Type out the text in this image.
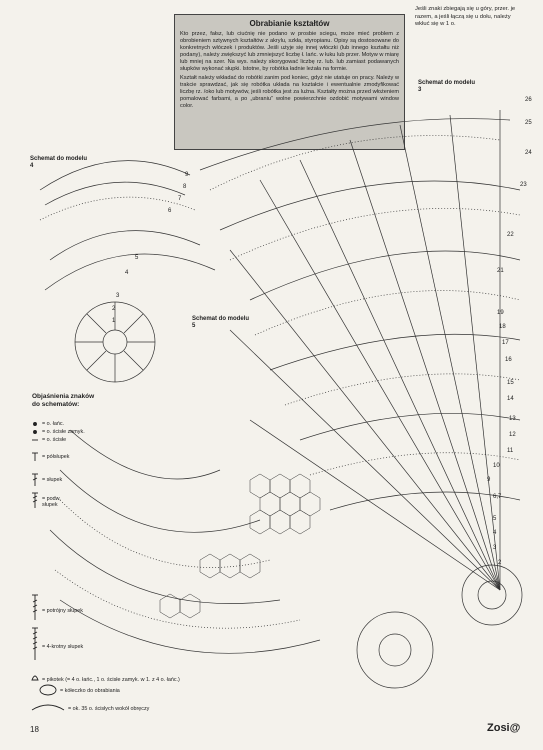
Obrabianie kształtów

Kto przez, fałsz, lub ciućnię nie podano w prosbie sciegu, może mieć problem z obrobieniem sztywnych kształtów z akrylu, szkła, styropianu. Opisy są dostosowane do konkretnych włóczek i produktów. Jeśli użyje się innej włóczki (lub innego kształtu niż podany), należy zwiększyć lub zmniejszyć liczbę ł. lańc. w łuku lub przer. Motyw w miarę lub mniej na szer. Na wys. należy skorygować liczbę rz. lub. lub zamiast podawanych słupków wykonać słupki. Istotne, by robótka ładnie leżała na formie.

Kształt należy wkładać do robótki zanim pod koniec, gdyż nie utatuje on pracy. Należy w trakcie sprawdzać, jak się robótka układa na kształcie i ewentualnie zmodyfikować liczbę rz. /oko lub motywów, jeśli robótka jest za luźna. Kształty można przed włożeniem pomalować farbami, a po „ubraniu” wolne powierzchnie ozdobić motywami window color.

Jeśli znaki zbiegają się u góry, przer. je razem, a jeśli łączą się u dołu, należy wkłuć się w 1 o.
Schemat do modelu 3
Schemat do modelu 4
Schemat do modelu 5
Objaśnienia znaków do schematów:
= o. łańc.
= o. ścisłe zamyk.
= o. ścisłe
= półsłupek
= słupek
= podw. słupek
= potrójny słupek
= 4-krotny słupek
= pikotek (= 4 o. łańc., 1 o. ścisłe zamyk. w 1. z 4 o. łańc.)
= kółeczko do obrabiania
= ok. 35 o. ścisłych wokół obręczy
26
25
24
23
22
21
19
18
17
16
15
14
13
12
11
10
9
6,7
5
4
3
2
9
8
7
6
5
4
3
2
1
18	Zosi@
